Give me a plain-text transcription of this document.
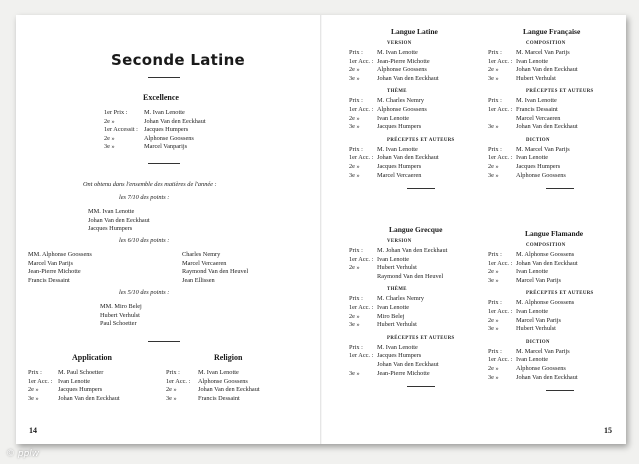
Seconde Latine
Excellence
1er Prix :	M. Ivan Lenotte
2e »	Johan Van den Eeckhaut
1er Accessit : Jacques Humpers
2e »	Alphonse Goossens
3e »	Marcel Vanparijs
Ont obtenu dans l'ensemble des matières de l'année :
les 7/10 des points :
MM. Ivan Lenotte
Johan Van den Eeckhaut
Jacques Humpers
les 6/10 des points :
MM. Alphonse Goossens
Marcel Van Parijs
Jean-Pierre Michotte
Francis Dessaint
Charles Nemry
Marcel Vercaeren
Raymond Van den Heuvel
Jean Ellissen
les 5/10 des points :
MM. Miro Belej
Hubert Verhulst
Paul Schoetter
Application
Prix :	M. Paul Schoetter
1er Acc. : Ivan Lenotte
2e »	Jacques Humpers
3e »	Johan Van den Eeckhaut
Religion
Prix :	M. Ivan Lenotte
1er Acc. : Alphonse Goossens
2e »	Johan Van den Eeckhaut
3e »	Francis Dessaint
14
Langue Latine
VERSION
Prix : M. Ivan Lenotte
1er Acc. : Jean-Pierre Michotte
2e »	Alphonse Goossens
3e »	Johan Van den Eeckhaut
THÈME
Prix : M. Charles Nemry
1er Acc. : Alphonse Goossens
2e »	Ivan Lenotte
3e »	Jacques Humpers
PRÉCEPTES ET AUTEURS
Prix : M. Ivan Lenotte
1er Acc. : Johan Van den Eeckhaut
2e »	Jacques Humpers
3e »	Marcel Vercaeren
Langue Française
COMPOSITION
Prix : M. Marcel Van Parijs
1er Acc. : Ivan Lenotte
2e »	Johan Van den Eeckhaut
3e »	Hubert Verhulst
PRÉCEPTES ET AUTEURS
Prix : M. Ivan Lenotte
1er Acc. : Francis Dessaint
Marcel Vercaeren
3e »	Johan Van den Eeckhaut
DICTION
Prix : M. Marcel Van Parijs
1er Acc. : Ivan Lenotte
2e »	Jacques Humpers
3e »	Alphonse Goossens
Langue Grecque
VERSION
Prix : M. Johan Van den Eeckhaut
1er Acc. : Ivan Lenotte
2e »	Hubert Verhulst
Raymond Van den Heuvel
THÈME
Prix : M. Charles Nemry
1er Acc. : Ivan Lenotte
2e »	Miro Belej
3e »	Hubert Verhulst
PRÉCEPTES ET AUTEURS
Prix : M. Ivan Lenotte
1er Acc. : Jacques Humpers
Johan Van den Eeckhaut
3e »	Jean-Pierre Michotte
Langue Flamande
COMPOSITION
Prix : M. Alphonse Goossens
1er Acc. : Johan Van den Eeckhaut
2e »	Ivan Lenotte
3e »	Marcel Van Parijs
PRÉCEPTES ET AUTEURS
Prix : M. Alphonse Goossens
1er Acc. : Ivan Lenotte
2e »	Marcel Van Parijs
3e »	Hubert Verhulst
DICTION
Prix : M. Marcel Van Parijs
1er Acc. : Ivan Lenotte
2e »	Alphonse Goossens
3e »	Johan Van den Eeckhaut
15
© pplw
